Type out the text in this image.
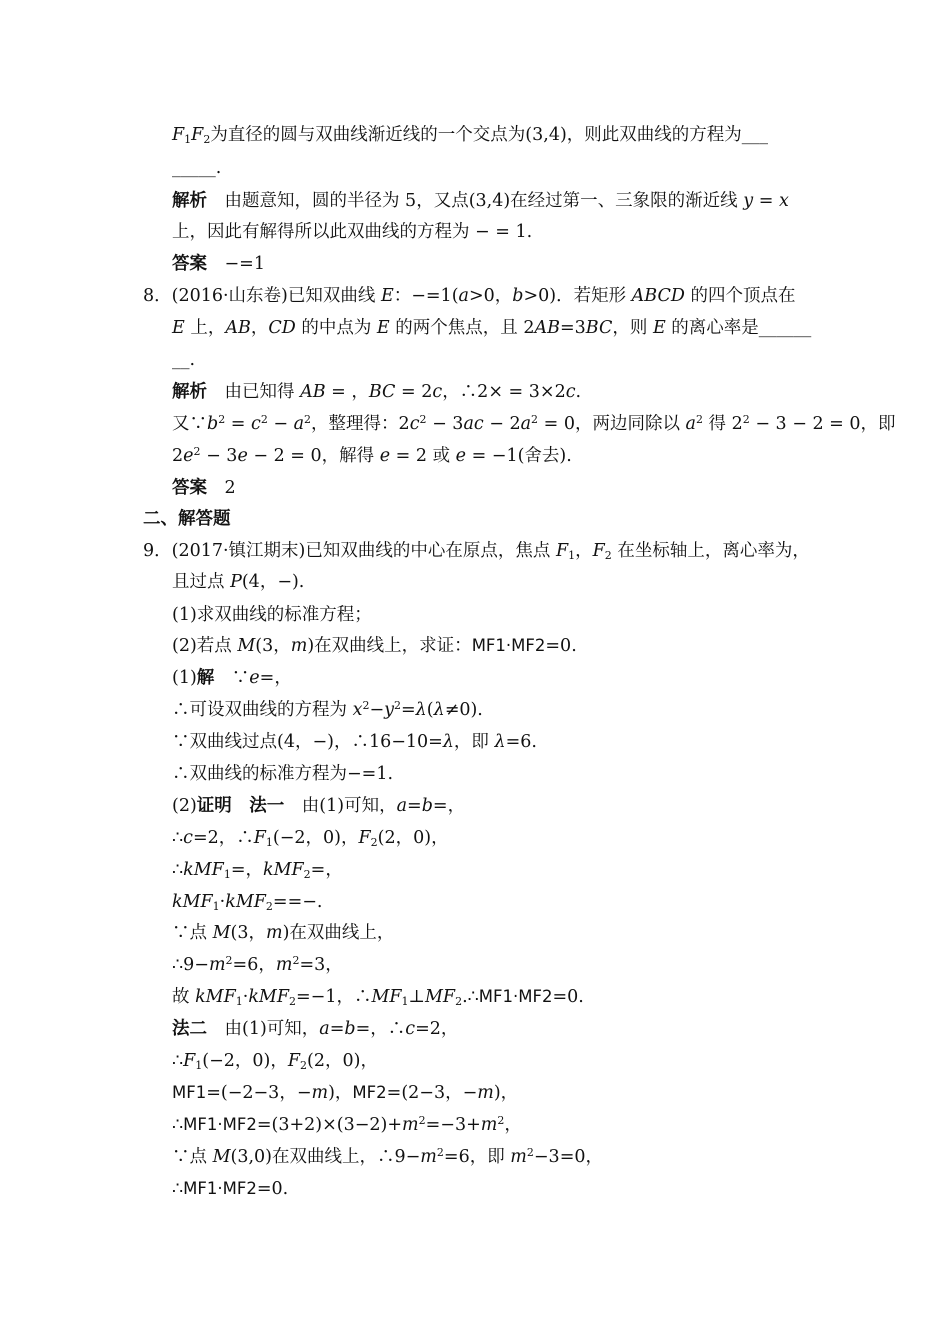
$F_1F_2$为直径的圆与双曲线渐近线的一个交点为(3,4)，则此双曲线的方程为___
_____.
解析　由题意知，圆的半径为 5，又点(3,4)在经过第一、三象限的渐近线 y = x
上，因此有解得所以此双曲线的方程为 − = 1.
答案　−=1
8．(2016·山东卷)已知双曲线 E：−=1(a>0，b>0)．若矩形 ABCD 的四个顶点在
E 上，AB，CD 的中点为 E 的两个焦点，且 2AB=3BC，则 E 的离心率是______
__.
解析　由已知得 AB = ，BC = 2c，∴2× = 3×2c.
又$\because b^2 = c^2 - a^2$，整理得：$2c^2 - 3ac - 2a^2 = 0$，两边同除以 $a^2$ 得 $2^2 - 3 - 2 = 0$，即
$2e^2 - 3e - 2 = 0$，解得 e = 2 或 e = −1(舍去).
答案　2
二、解答题
9．(2017·镇江期末)已知双曲线的中心在原点，焦点 $F_1$，$F_2$ 在坐标轴上，离心率为，
且过点 P(4，−).
(1)求双曲线的标准方程；
(2)若点 M(3，m)在双曲线上，求证：MF1·MF2=0.
(1)解　∵e=，
∴可设双曲线的方程为 $x^2-y^2=\lambda(\lambda\ne 0)$.
∵双曲线过点(4，−)，∴16−10=λ，即 λ=6.
∴双曲线的标准方程为−=1.
(2)证明　法一　由(1)可知，a=b=，
∴c=2，$\therefore F_1(-2$，0)，$F_2(2$，0)，
∴kMF$_1$=，kMF$_2$=，
kMF$_1$·kMF$_2$==−.
∵点 M(3，m)在双曲线上，
$\therefore 9-m^2=6$，$m^2=3$，
故 kMF$_1$·kMF$_2$=−1，$\therefore MF_1\perp MF_2.\therefore MF1\cdot MF2=0$.
法二　由(1)可知，a=b=，∴c=2，
$\therefore F_1(-2$，0)，$F_2(2$，0)，
MF1=(−2−3，−m)，MF2=(2−3，−m)，
$\therefore MF1\cdot MF2=(3+2)\times(3-2)+m^2=-3+m^2$，
∵点 M(3,0)在双曲线上，$\therefore 9-m^2=6$，即 $m^2-3=0$，
∴MF1·MF2=0.
